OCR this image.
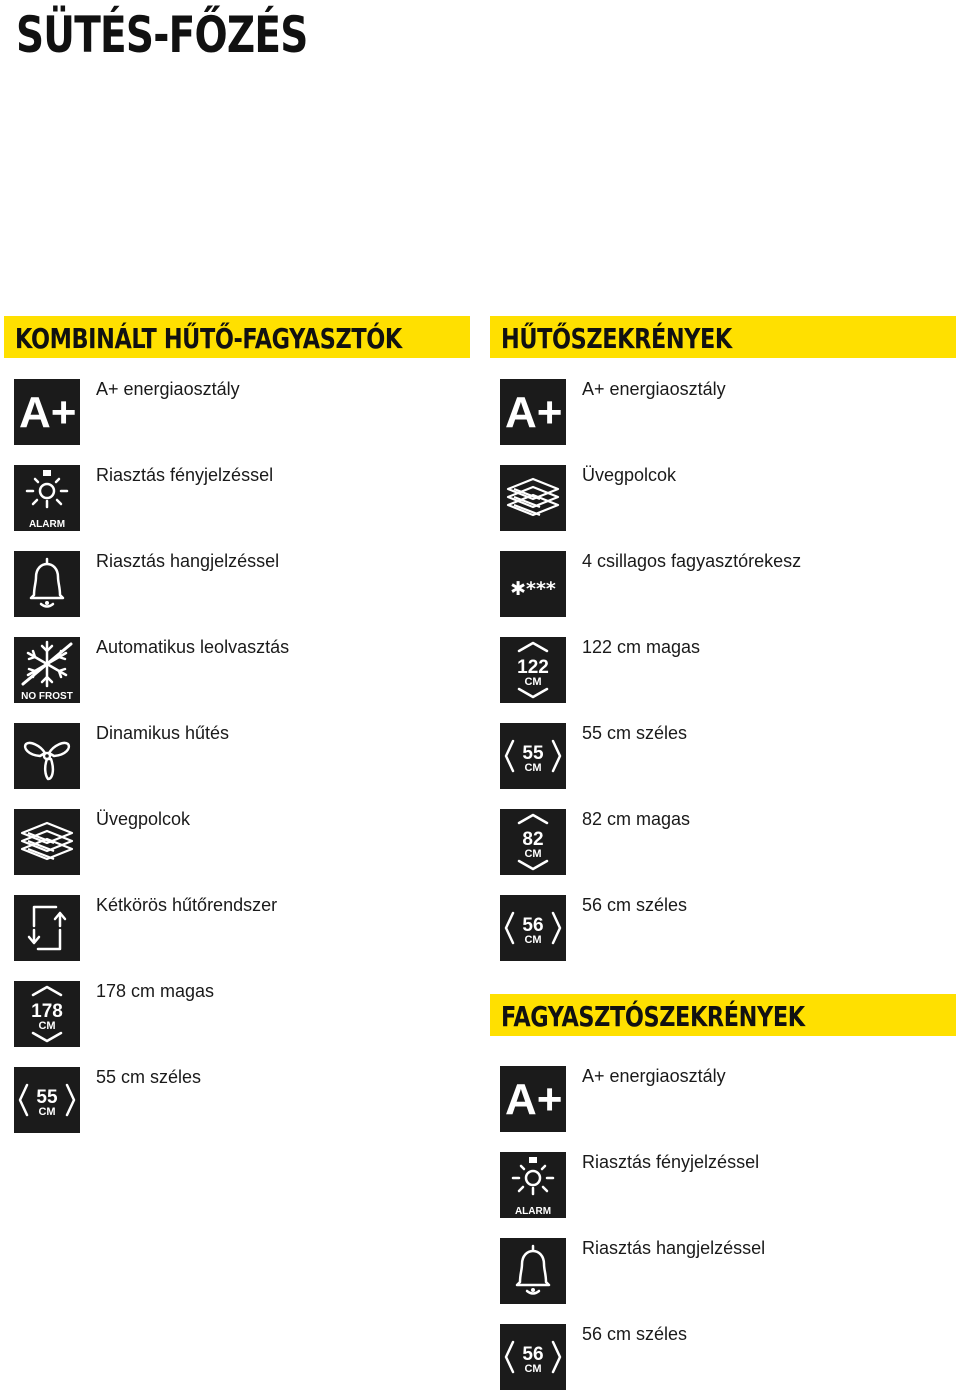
SÜTÉS-FŐZÉS
KOMBINÁLT HŰTŐ-FAGYASZTÓK
A+ A+ energiaosztály
ALARM
Riasztás fényjelzéssel
Riasztás hangjelzéssel
NO FROST
Automatikus leolvasztás
Dinamikus hűtés
Üvegpolcok
Kétkörös hűtőrendszer
178
CM
178 cm magas
55
CM
55 cm széles
HŰTŐSZEKRÉNYEK
A+ A+ energiaosztály
Üvegpolcok
✱***
4 csillagos fagyasztórekesz
122
CM
122 cm magas
55
CM
55 cm széles
82
CM
82 cm magas
56
CM
56 cm széles
FAGYASZTÓSZEKRÉNYEK
A+ A+ energiaosztály
ALARM
Riasztás fényjelzéssel
Riasztás hangjelzéssel
56
CM
56 cm széles
